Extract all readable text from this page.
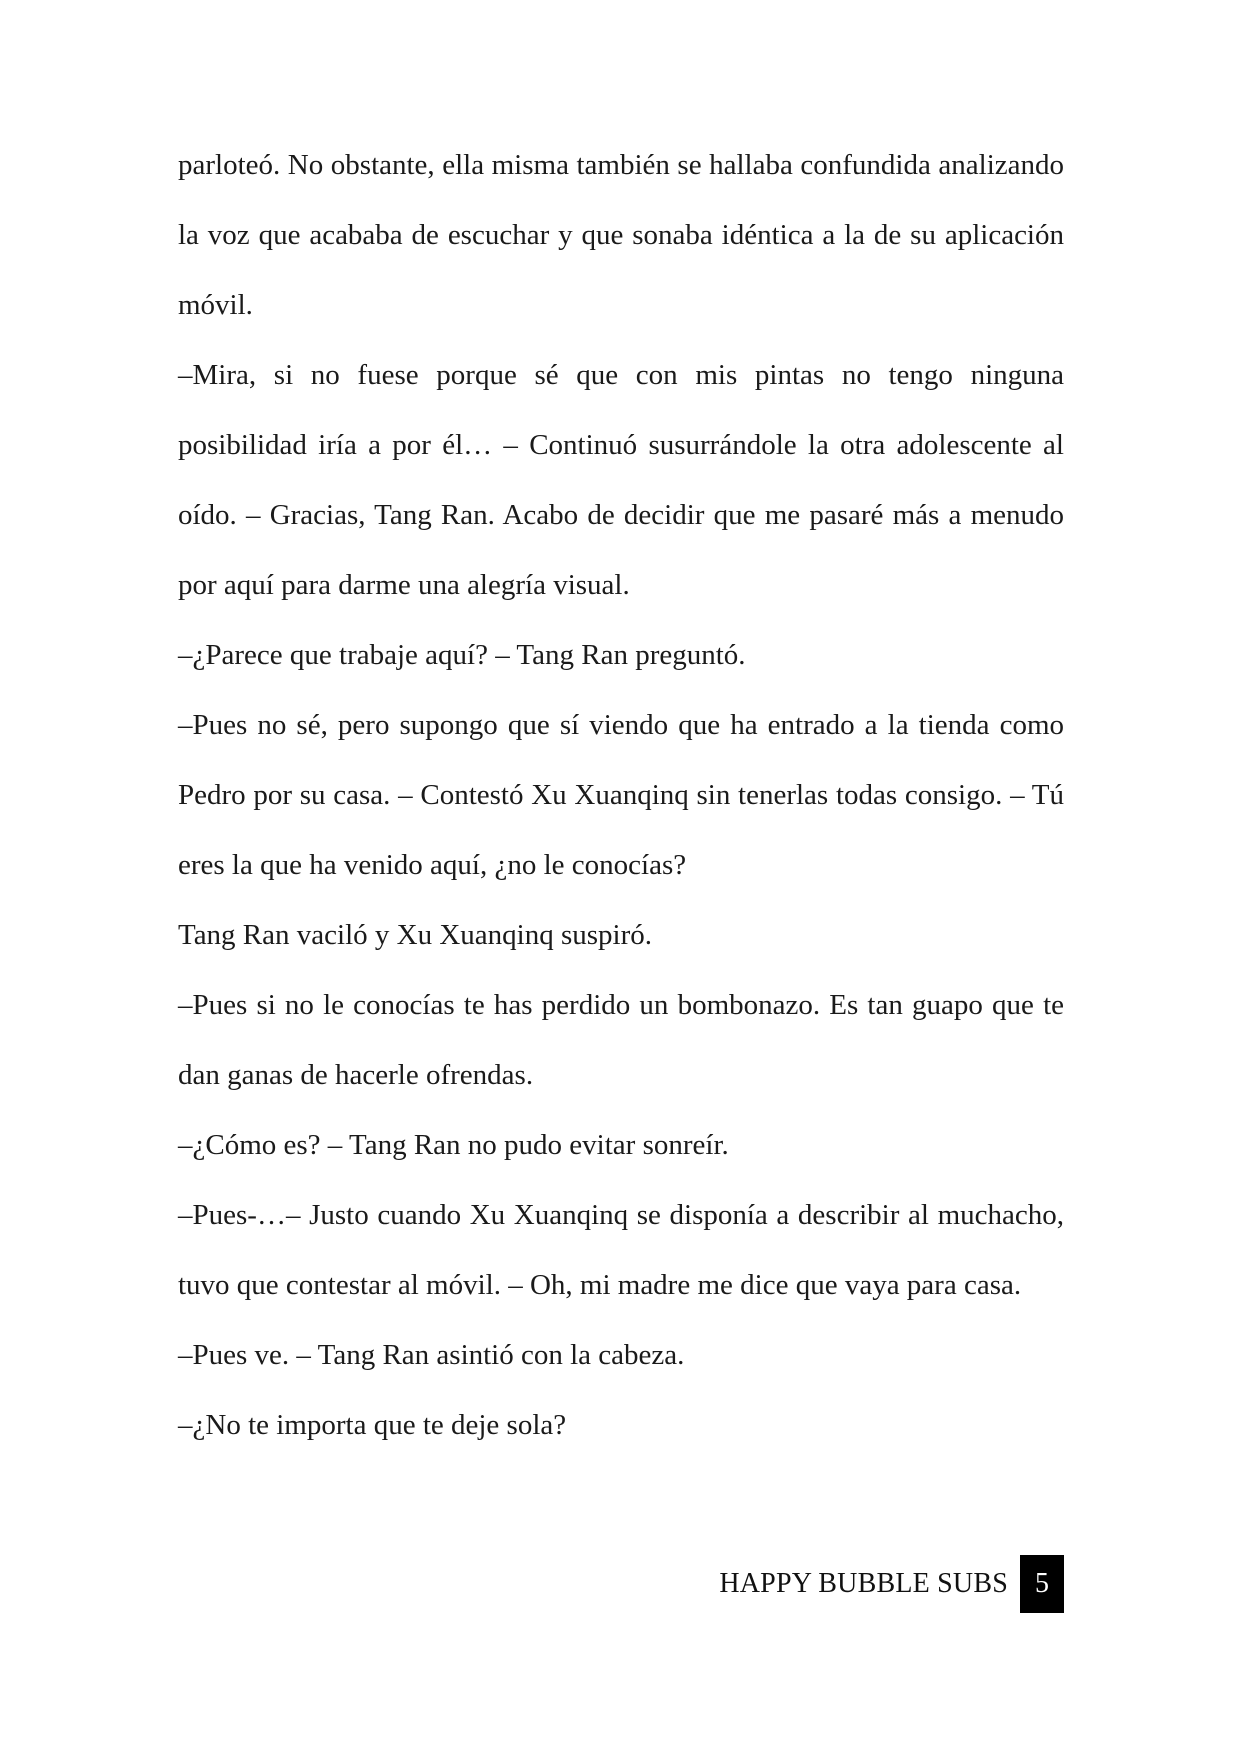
parloteó. No obstante, ella misma también se hallaba confundida analizando la voz que acababa de escuchar y que sonaba idéntica a la de su aplicación móvil.

–Mira, si no fuese porque sé que con mis pintas no tengo ninguna posibilidad iría a por él… – Continuó susurrándole la otra adolescente al oído. – Gracias, Tang Ran. Acabo de decidir que me pasaré más a menudo por aquí para darme una alegría visual.

–¿Parece que trabaje aquí? – Tang Ran preguntó.

–Pues no sé, pero supongo que sí viendo que ha entrado a la tienda como Pedro por su casa. – Contestó Xu Xuanqinq sin tenerlas todas consigo. – Tú eres la que ha venido aquí, ¿no le conocías?

Tang Ran vaciló y Xu Xuanqinq suspiró.

–Pues si no le conocías te has perdido un bombonazo. Es tan guapo que te dan ganas de hacerle ofrendas.

–¿Cómo es? – Tang Ran no pudo evitar sonreír.

–Pues-…– Justo cuando Xu Xuanqinq se disponía a describir al muchacho, tuvo que contestar al móvil. – Oh, mi madre me dice que vaya para casa.

–Pues ve. – Tang Ran asintió con la cabeza.

–¿No te importa que te deje sola?

HAPPY BUBBLE SUBS 5
